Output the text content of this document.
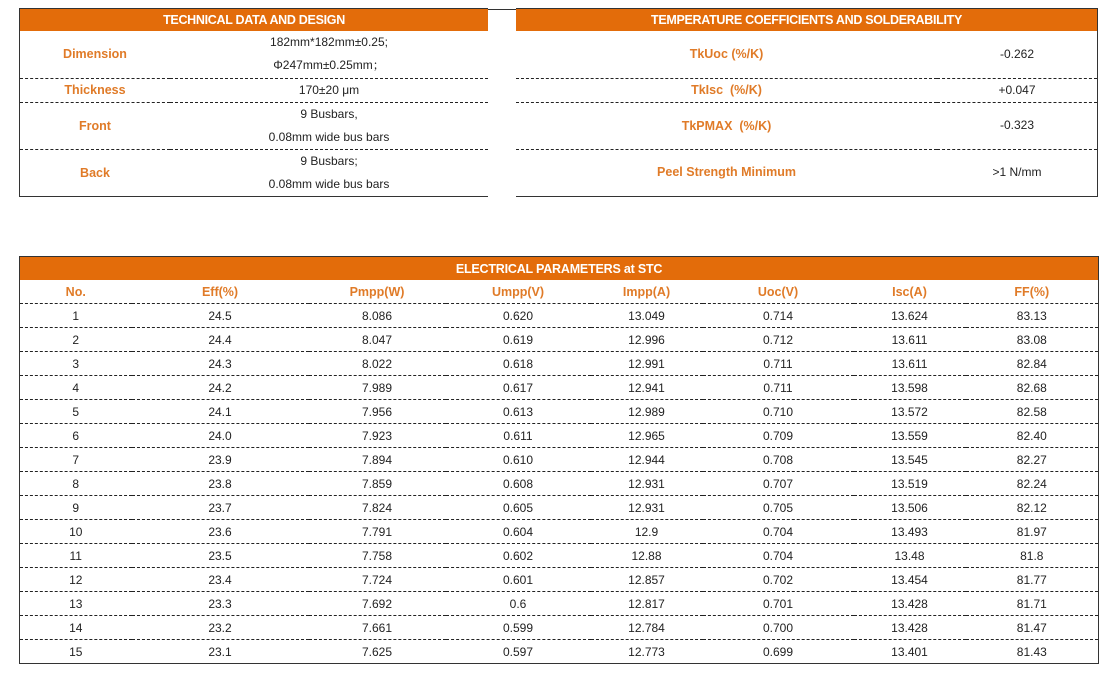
TECHNICAL DATA AND DESIGN	
Dimension	182mm*182mm±0.25;
Φ247mm±0.25mm；

Thickness	170±20 μm
Front	9 Busbars,
0.08mm wide bus bars

Back	9 Busbars;
0.08mm wide bus bars
TEMPERATURE COEFFICIENTS AND SOLDERABILITY	
TkUoc (%/K)	-0.262
TkIsc  (%/K)	+0.047
TkPMAX  (%/K)	-0.323
Peel Strength Minimum	>1 N/mm
ELECTRICAL PARAMETERS at STC							
No.	Eff(%)	Pmpp(W)	Umpp(V)	Impp(A)	Uoc(V)	Isc(A)	FF(%)
1	24.5	8.086	0.620	13.049	0.714	13.624	83.13
2	24.4	8.047	0.619	12.996	0.712	13.611	83.08
3	24.3	8.022	0.618	12.991	0.711	13.611	82.84
4	24.2	7.989	0.617	12.941	0.711	13.598	82.68
5	24.1	7.956	0.613	12.989	0.710	13.572	82.58
6	24.0	7.923	0.611	12.965	0.709	13.559	82.40
7	23.9	7.894	0.610	12.944	0.708	13.545	82.27
8	23.8	7.859	0.608	12.931	0.707	13.519	82.24
9	23.7	7.824	0.605	12.931	0.705	13.506	82.12
10	23.6	7.791	0.604	12.9	0.704	13.493	81.97
11	23.5	7.758	0.602	12.88	0.704	13.48	81.8
12	23.4	7.724	0.601	12.857	0.702	13.454	81.77
13	23.3	7.692	0.6	12.817	0.701	13.428	81.71
14	23.2	7.661	0.599	12.784	0.700	13.428	81.47
15	23.1	7.625	0.597	12.773	0.699	13.401	81.43
